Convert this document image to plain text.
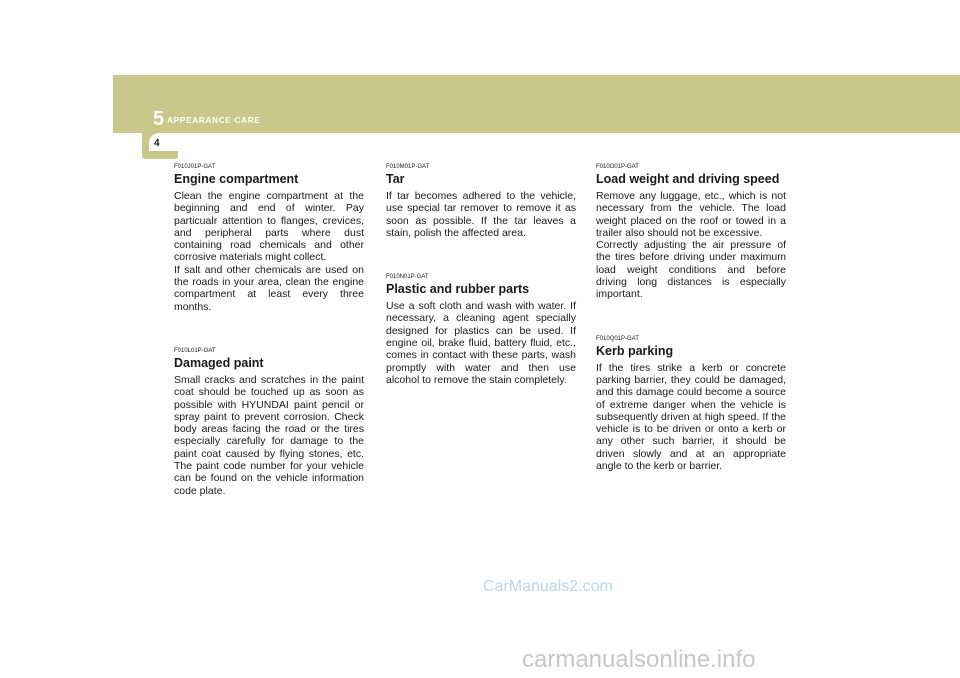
5 APPEARANCE CARE
4
F010J01P-GAT
Engine compartment

Clean the engine compartment at the beginning and end of winter. Pay particualr attention to flanges, crevices, and peripheral parts where dust containing road chemicals and other corrosive materials might collect.

If salt and other chemicals are used on the roads in your area, clean the engine compartment at least every three months.

F010L01P-GAT
Damaged paint

Small cracks and scratches in the paint coat should be touched up as soon as possible with HYUNDAI paint pencil or spray paint to prevent corrosion. Check body areas facing the road or the tires especially carefully for damage to the paint coat caused by flying stones, etc. The paint code number for your vehicle can be found on the vehicle information code plate.

F010M01P-GAT
Tar

If tar becomes adhered to the vehicle, use special tar remover to remove it as soon as possible. If the tar leaves a stain, polish the affected area.

F010N01P-GAT
Plastic and rubber parts

Use a soft cloth and wash with water. If necessary, a cleaning agent specially designed for plastics can be used. If engine oil, brake fluid, battery fluid, etc., comes in contact with these parts, wash promptly with water and then use alcohol to remove the stain completely.

F010O01P-GAT
Load weight and driving speed

Remove any luggage, etc., which is not necessary from the vehicle. The load weight placed on the roof or towed in a trailer also should not be excessive.

Correctly adjusting the air pressure of the tires before driving under maximum load weight conditions and before driving long distances is especially important.

F010Q01P-GAT
Kerb parking

If the tires strike a kerb or concrete parking barrier, they could be damaged, and this damage could become a source of extreme danger when the vehicle is subsequently driven at high speed. If the vehicle is to be driven or onto a kerb or any other such barrier, it should be driven slowly and at an appropriate angle to the kerb or barrier.

CarManuals2.com
carmanualsonline.info
